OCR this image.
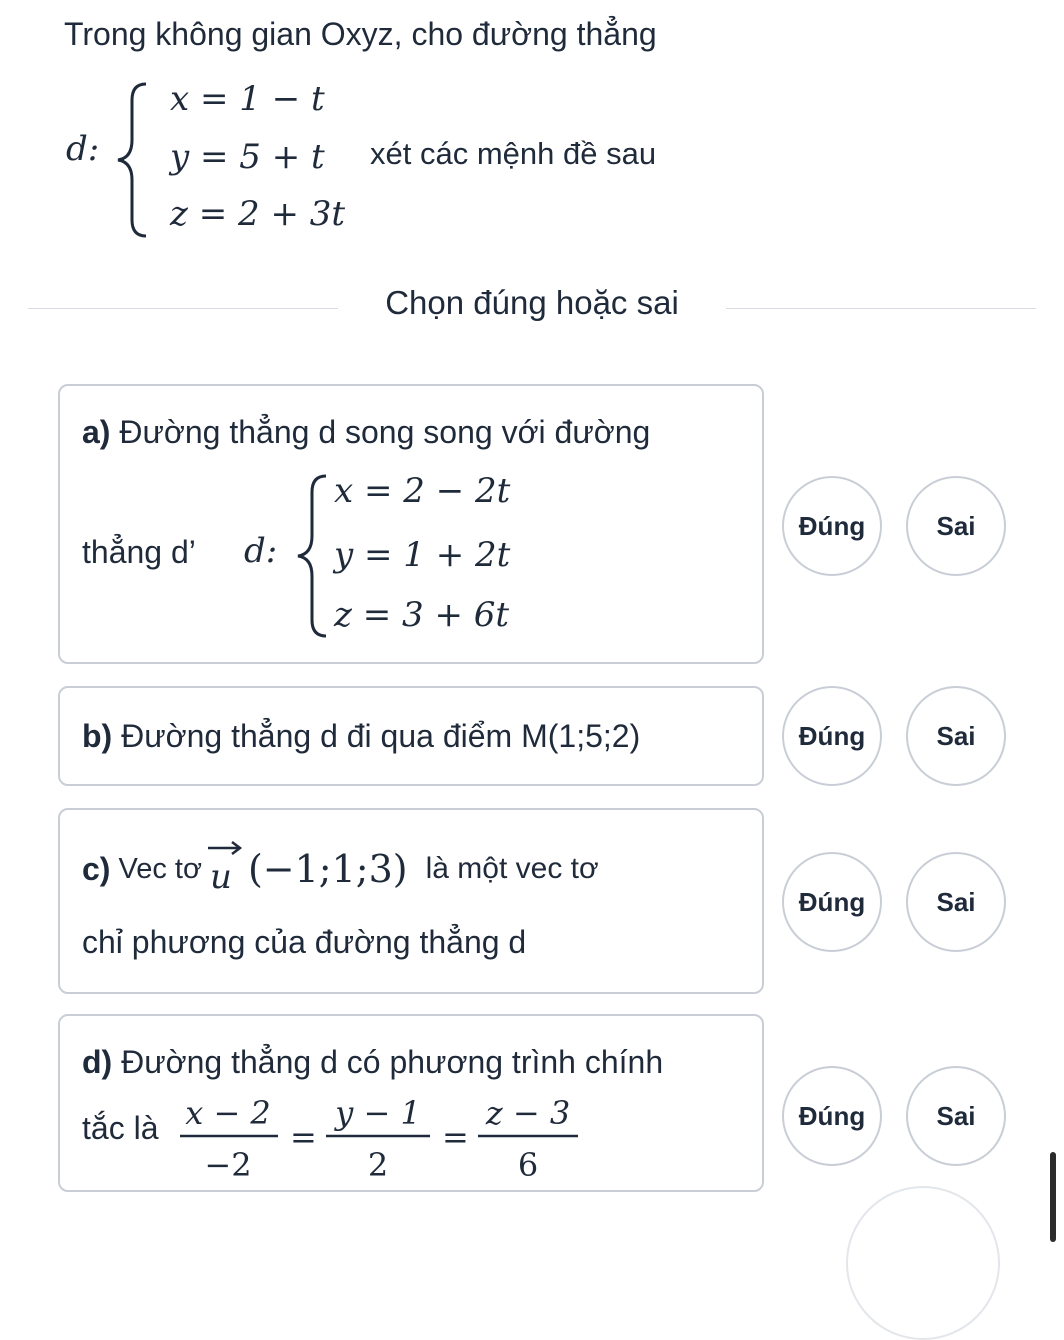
Trong không gian Oxyz, cho đường thẳng
d:
x = 1 − t
y = 5 + t
z = 2 + 3t
xét các mệnh đề sau
Chọn đúng hoặc sai
a) Đường thẳng d song song với đường
thẳng d’ d:
x = 2 − 2t
y = 1 + 2t
z = 3 + 6t
Đúng	Sai
b) Đường thẳng d đi qua điểm M(1;5;2)	Đúng	Sai
c) Vec tơ u (−1;1;3) là một vec tơ
chỉ phương của đường thẳng d
Đúng	Sai
d) Đường thẳng d có phương trình chính
tắc là x − 2
−2
=
y − 1
2
=
z − 3
6
Đúng	Sai
